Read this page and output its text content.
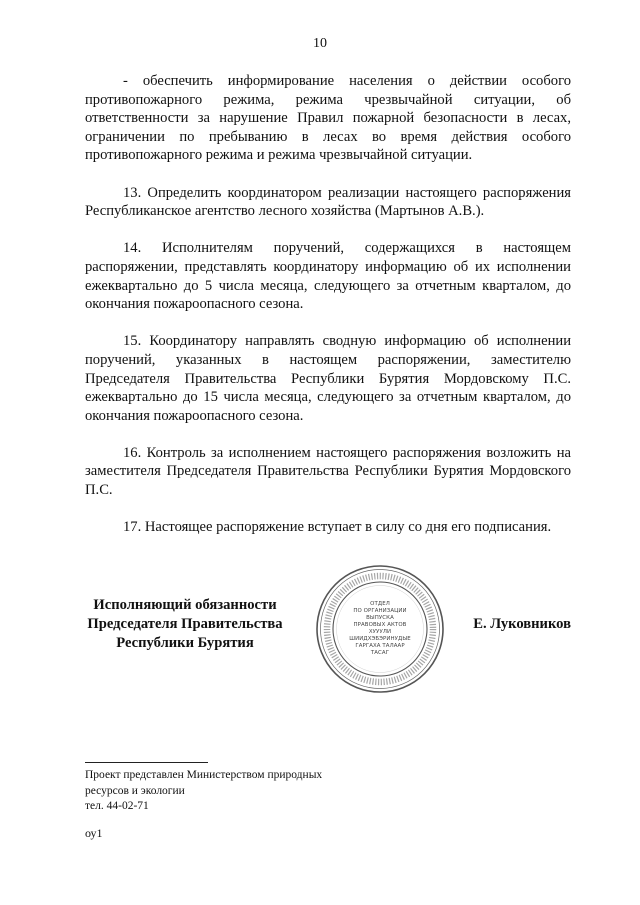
10

- обеспечить информирование населения о действии особого противопожарного режима, режима чрезвычайной ситуации, об ответственности за нарушение Правил пожарной безопасности в лесах, ограничении по пребыванию в лесах во время действия особого противопожарного режима и режима чрезвычайной ситуации.

13. Определить координатором реализации настоящего распоряжения Республиканское агентство лесного хозяйства (Мартынов А.В.).

14. Исполнителям поручений, содержащихся в настоящем распоряжении, представлять координатору информацию об их исполнении ежеквартально до 5 числа месяца, следующего за отчетным кварталом, до окончания пожароопасного сезона.

15. Координатору направлять сводную информацию об исполнении поручений, указанных в настоящем распоряжении, заместителю Председателя Правительства Республики Бурятия Мордовскому П.С. ежеквартально до 15 числа месяца, следующего за отчетным кварталом, до окончания пожароопасного сезона.

16. Контроль за исполнением настоящего распоряжения возложить на заместителя Председателя Правительства Республики Бурятия Мордовского П.С.

17. Настоящее распоряжение вступает в силу со дня его подписания.

Исполняющий обязанности
Председателя Правительства
Республики Бурятия
Е. Луковников
ОТДЕЛ
ПО ОРГАНИЗАЦИИ
ВЫПУСКА
ПРАВОВЫХ АКТОВ
ХУУУЛИ
ШИИДХЭБЭРИНУДЫЕ
ГАРГАХА ТАЛААР
ТАСАГ
Проект представлен Министерством природных
ресурсов и экологии
тел. 44-02-71
оу1
